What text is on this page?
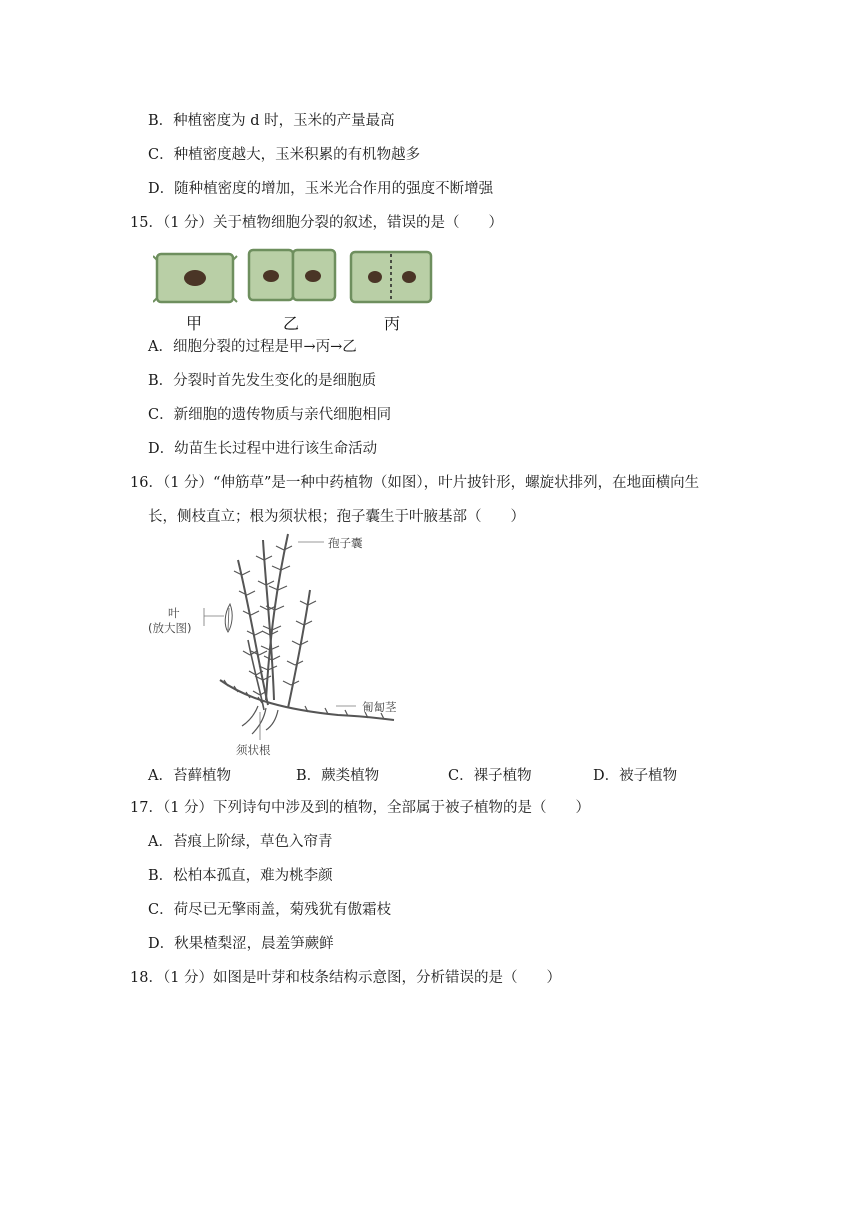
B．种植密度为 d 时，玉米的产量最高
C．种植密度越大，玉米积累的有机物越多
D．随种植密度的增加，玉米光合作用的强度不断增强
15．（1 分）关于植物细胞分裂的叙述，错误的是（　　）
甲	乙	丙
A．细胞分裂的过程是甲→丙→乙
B．分裂时首先发生变化的是细胞质
C．新细胞的遗传物质与亲代细胞相同
D．幼苗生长过程中进行该生命活动
16．（1 分）“伸筋草”是一种中药植物（如图），叶片披针形，螺旋状排列，在地面横向生
长，侧枝直立；根为须状根；孢子囊生于叶腋基部（　　）
孢子囊
叶
(放大图)
匍匐茎
须状根
A．苔藓植物	B．蕨类植物	C．裸子植物	D．被子植物
17．（1 分）下列诗句中涉及到的植物，全部属于被子植物的是（　　）
A．苔痕上阶绿，草色入帘青
B．松柏本孤直，难为桃李颜
C．荷尽已无擎雨盖，菊残犹有傲霜枝
D．秋果楂梨涩，晨羞笋蕨鲜
18．（1 分）如图是叶芽和枝条结构示意图，分析错误的是（　　）
